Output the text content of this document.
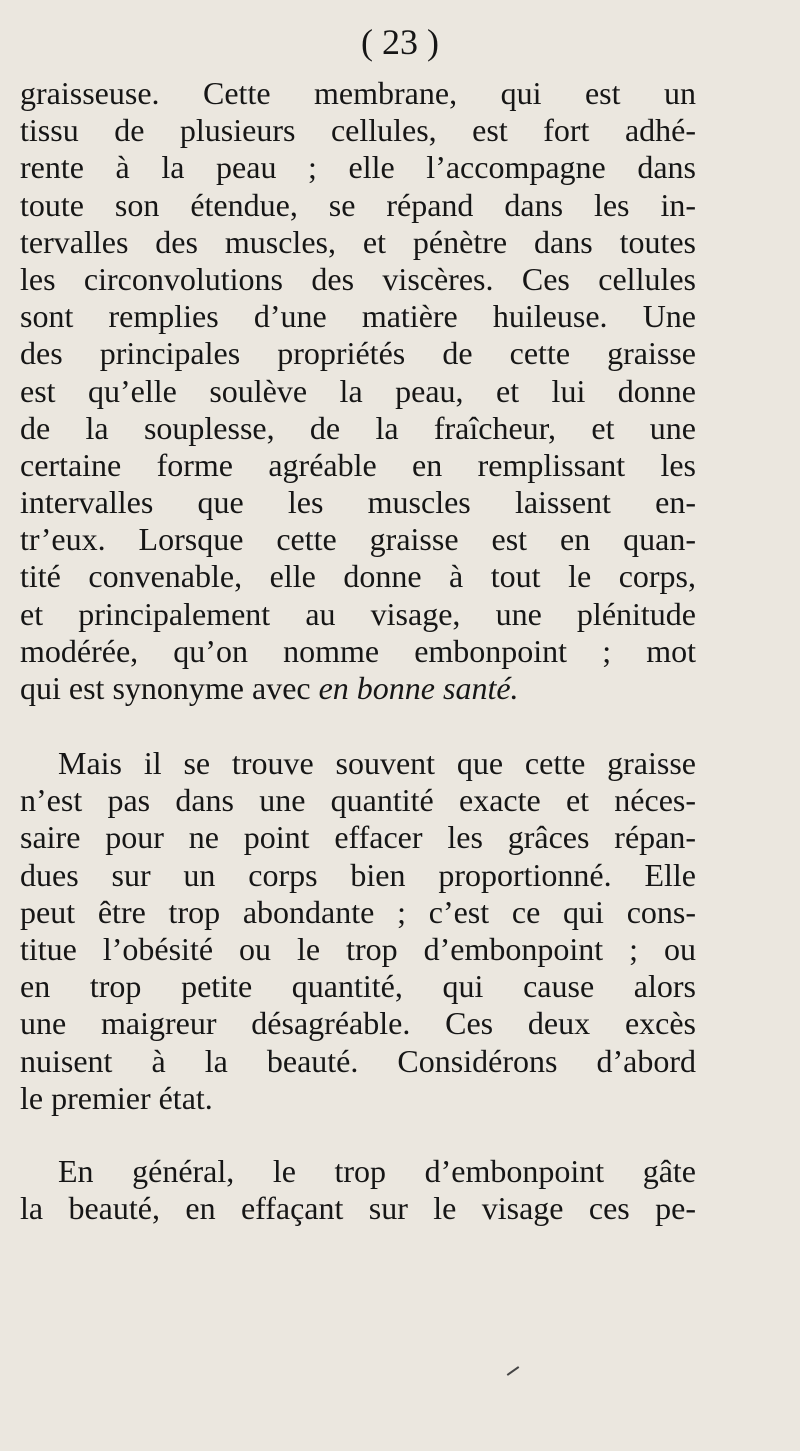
( 23 )
graisseuse. Cette membrane, qui est un
tissu de plusieurs cellules, est fort adhé-
rente à la peau ; elle l’accompagne dans
toute son étendue, se répand dans les in-
tervalles des muscles, et pénètre dans toutes
les circonvolutions des viscères. Ces cellules
sont remplies d’une matière huileuse. Une
des principales propriétés de cette graisse
est qu’elle soulève la peau, et lui donne
de la souplesse, de la fraîcheur, et une
certaine forme agréable en remplissant les
intervalles que les muscles laissent en-
tr’eux. Lorsque cette graisse est en quan-
tité convenable, elle donne à tout le corps,
et principalement au visage, une plénitude
modérée, qu’on nomme embonpoint ; mot
qui est synonyme avec en bonne santé.
Mais il se trouve souvent que cette graisse
n’est pas dans une quantité exacte et néces-
saire pour ne point effacer les grâces répan-
dues sur un corps bien proportionné. Elle
peut être trop abondante ; c’est ce qui cons-
titue l’obésité ou le trop d’embonpoint ; ou
en trop petite quantité, qui cause alors
une maigreur désagréable. Ces deux excès
nuisent à la beauté. Considérons d’abord
le premier état.
En général, le trop d’embonpoint gâte
la beauté, en effaçant sur le visage ces pe-
